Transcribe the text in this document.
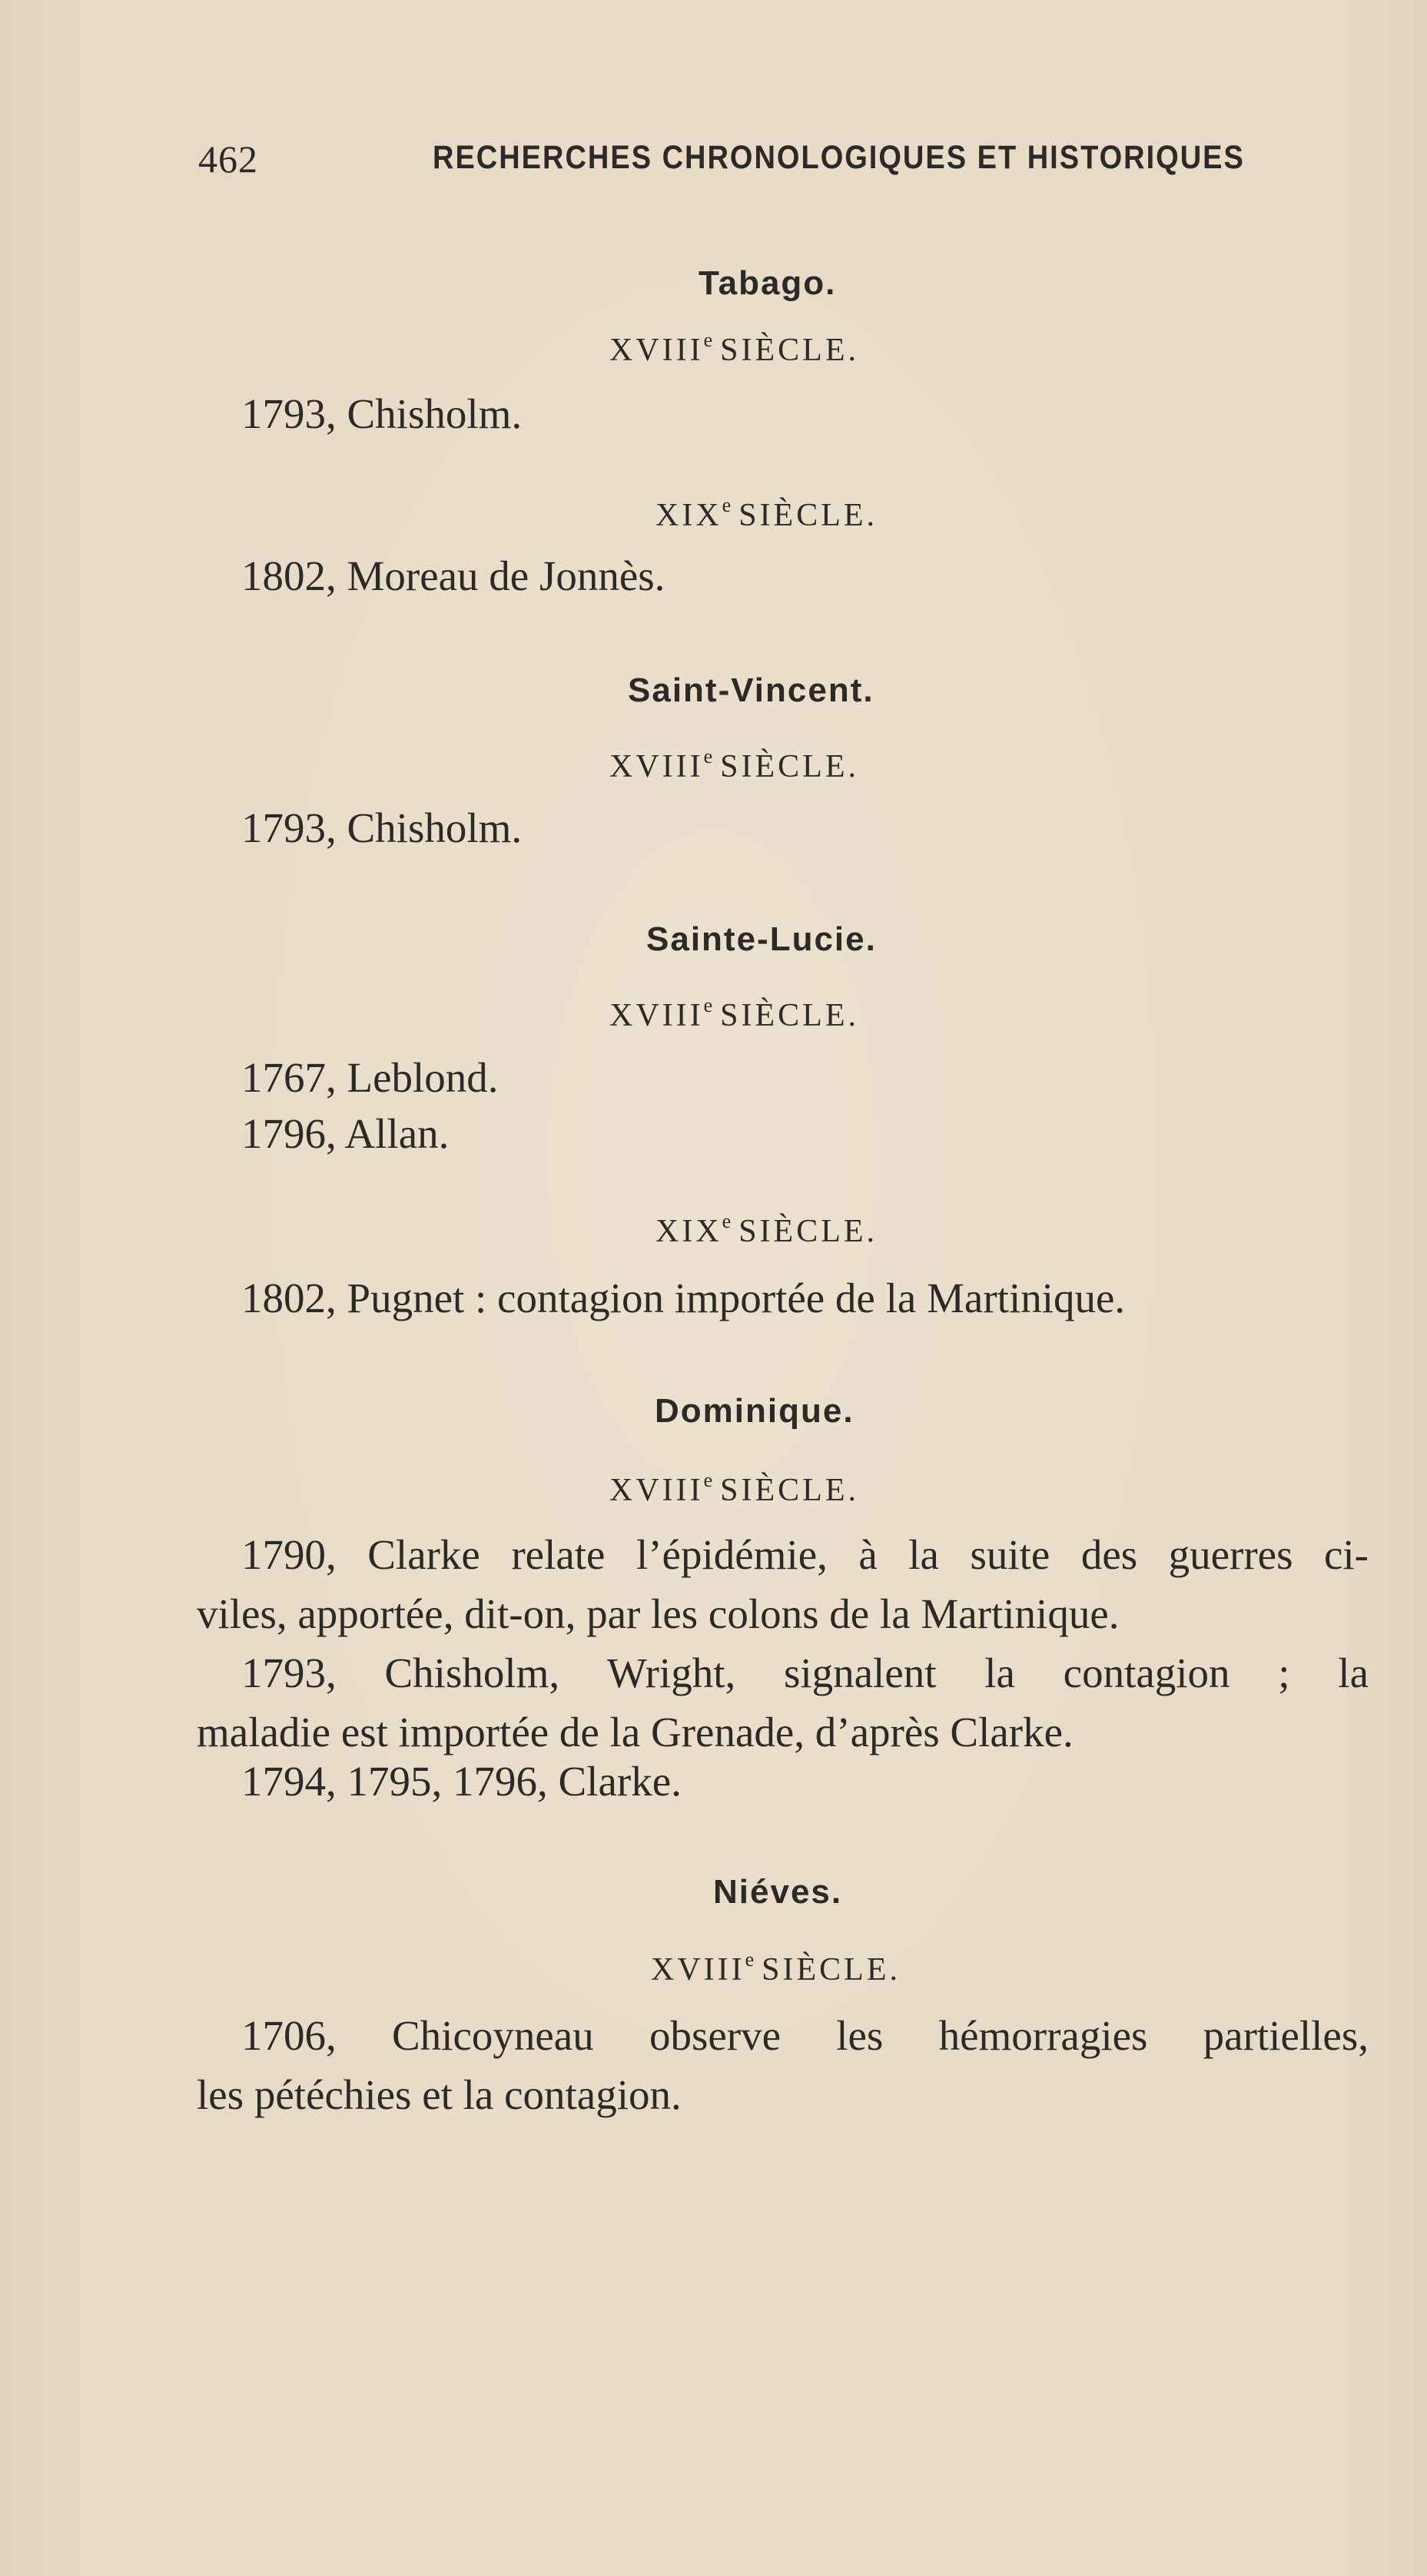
462	RECHERCHES CHRONOLOGIQUES ET HISTORIQUES
Tabago.
XVIIIe SIÈCLE.
1793, Chisholm.
XIXe SIÈCLE.
1802, Moreau de Jonnès.
Saint-Vincent.
XVIIIe SIÈCLE.
1793, Chisholm.
Sainte-Lucie.
XVIIIe SIÈCLE.
1767, Leblond.
1796, Allan.
XIXe SIÈCLE.
1802, Pugnet : contagion importée de la Martinique.
Dominique.
XVIIIe SIÈCLE.
1790, Clarke relate l’épidémie, à la suite des guerres ci-
viles, apportée, dit-on, par les colons de la Martinique.
1793, Chisholm, Wright, signalent la contagion ; la
maladie est importée de la Grenade, d’après Clarke.
1794, 1795, 1796, Clarke.
Niéves.
XVIIIe SIÈCLE.
1706, Chicoyneau observe les hémorragies partielles,
les pétéchies et la contagion.
